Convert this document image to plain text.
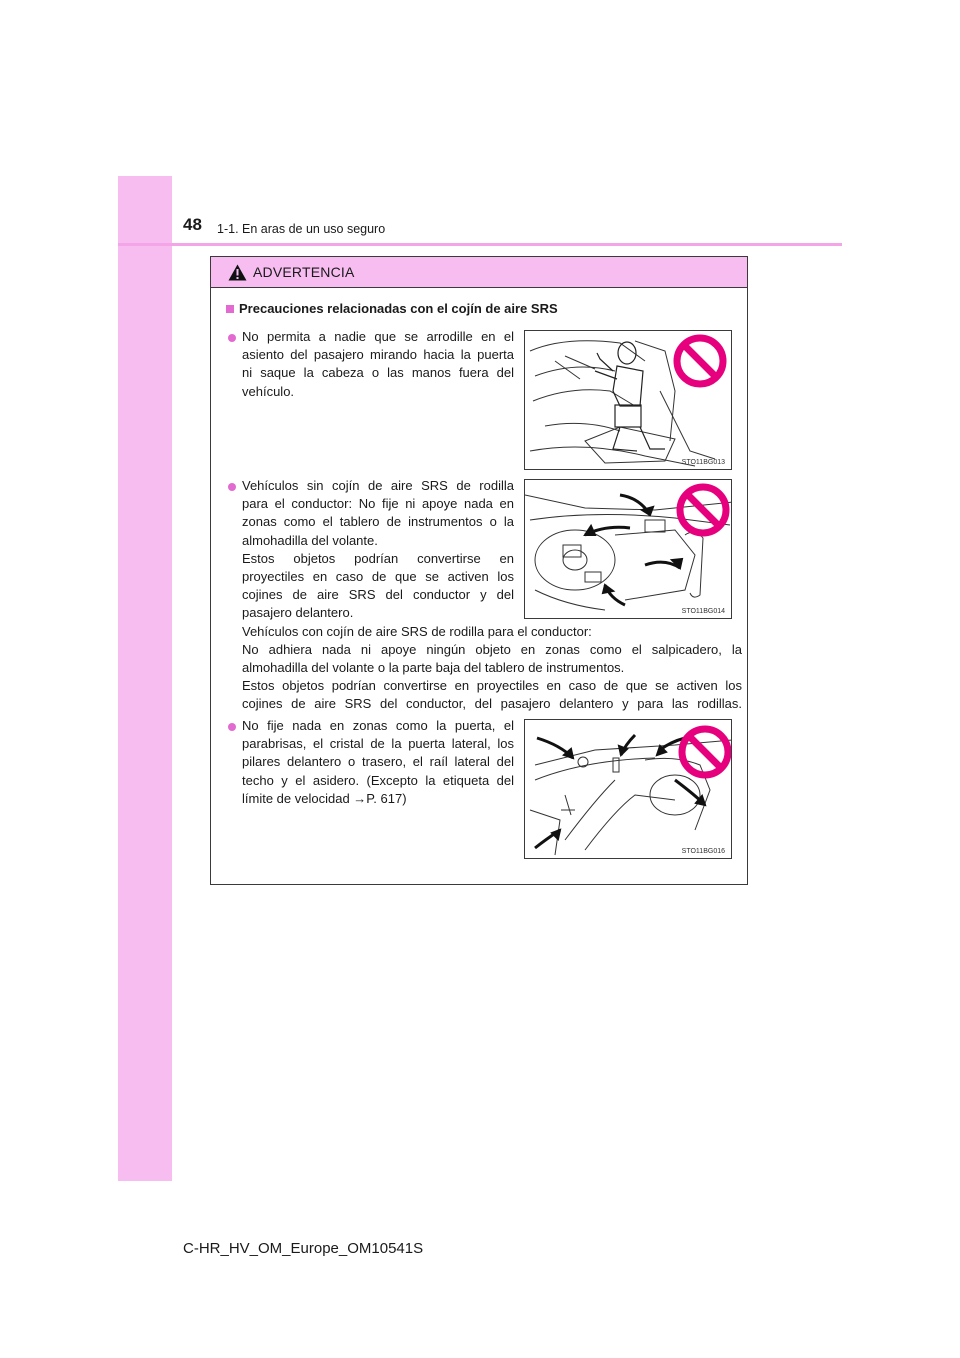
48 1-1. En aras de un uso seguro
ADVERTENCIA
Precauciones relacionadas con el cojín de aire SRS
No permita a nadie que se arrodille en el
asiento del pasajero mirando hacia la puerta
ni saque la cabeza o las manos fuera del
vehículo.
STO11BG013
Vehículos sin cojín de aire SRS de rodilla
para el conductor: No fije ni apoye nada en
zonas como el tablero de instrumentos o la
almohadilla del volante.
Estos objetos podrían convertirse en
proyectiles en caso de que se activen los
cojines de aire SRS del conductor y del
pasajero delantero.
Vehículos con cojín de aire SRS de rodilla para el conductor:
No adhiera nada ni apoye ningún objeto en zonas como el salpicadero, la
almohadilla del volante o la parte baja del tablero de instrumentos.
Estos objetos podrían convertirse en proyectiles en caso de que se activen los
cojines de aire SRS del conductor, del pasajero delantero y para las rodillas.
STO11BG014
No fije nada en zonas como la puerta, el
parabrisas, el cristal de la puerta lateral, los
pilares delantero o trasero, el raíl lateral del
techo y el asidero. (Excepto la etiqueta del
límite de velocidad →P. 617)
STO11BG016
C-HR_HV_OM_Europe_OM10541S
